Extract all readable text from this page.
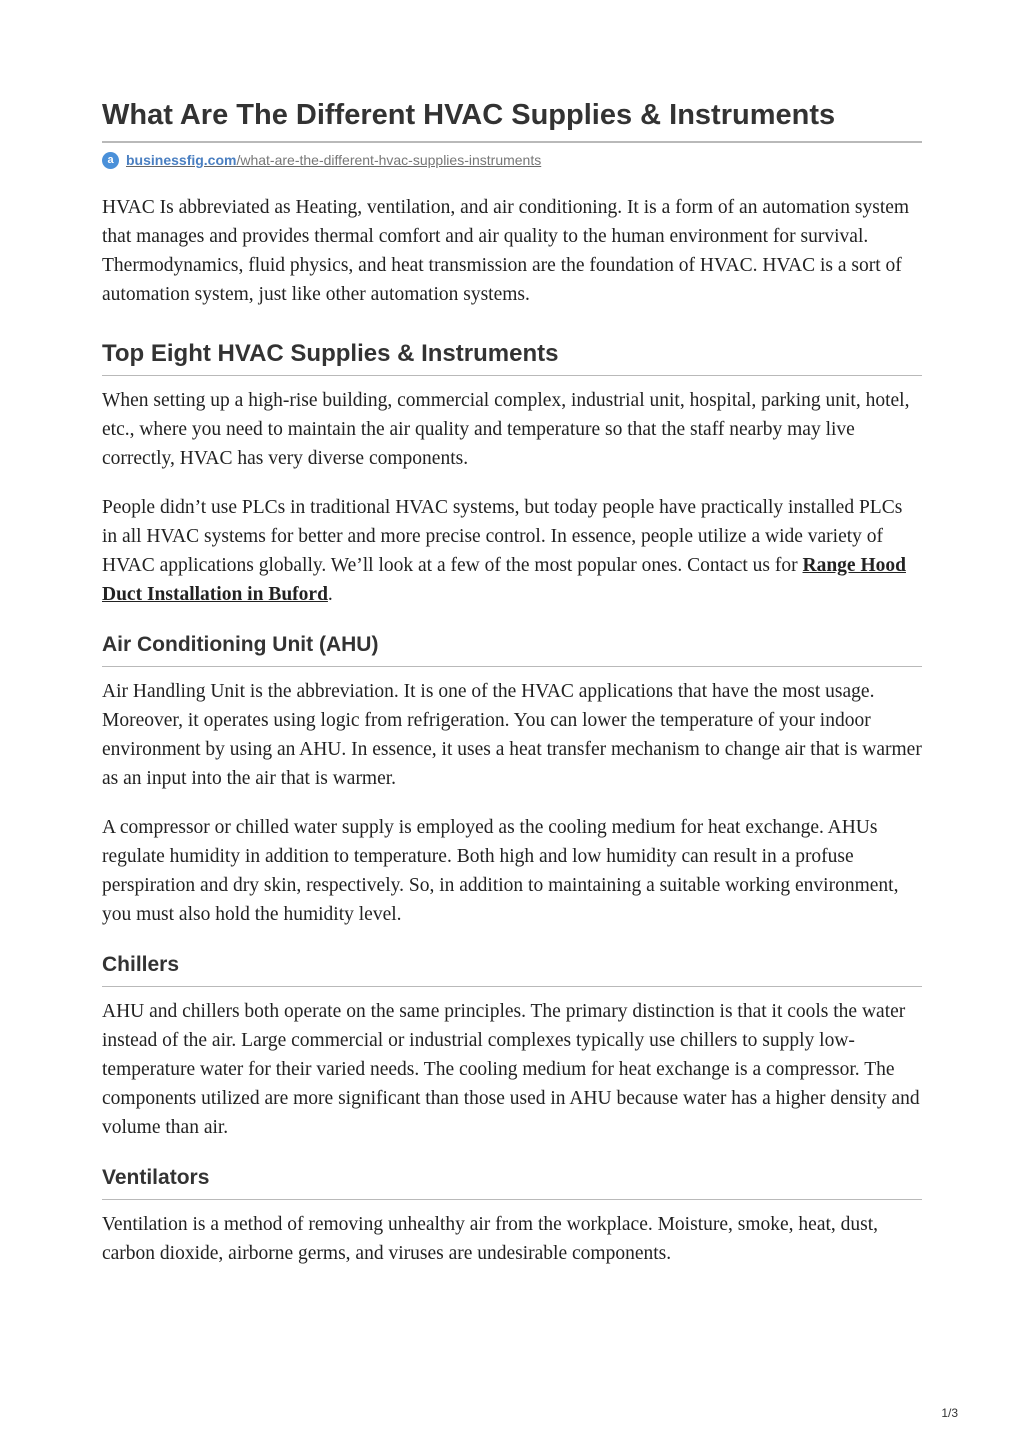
What Are The Different HVAC Supplies & Instruments
a businessfig.com/what-are-the-different-hvac-supplies-instruments

HVAC Is abbreviated as Heating, ventilation, and air conditioning. It is a form of an automation system that manages and provides thermal comfort and air quality to the human environment for survival. Thermodynamics, fluid physics, and heat transmission are the foundation of HVAC. HVAC is a sort of automation system, just like other automation systems.

Top Eight HVAC Supplies & Instruments

When setting up a high-rise building, commercial complex, industrial unit, hospital, parking unit, hotel, etc., where you need to maintain the air quality and temperature so that the staff nearby may live correctly, HVAC has very diverse components.

People didn’t use PLCs in traditional HVAC systems, but today people have practically installed PLCs in all HVAC systems for better and more precise control. In essence, people utilize a wide variety of HVAC applications globally. We’ll look at a few of the most popular ones. Contact us for Range Hood Duct Installation in Buford.

Air Conditioning Unit (AHU)

Air Handling Unit is the abbreviation. It is one of the HVAC applications that have the most usage. Moreover, it operates using logic from refrigeration. You can lower the temperature of your indoor environment by using an AHU. In essence, it uses a heat transfer mechanism to change air that is warmer as an input into the air that is warmer.

A compressor or chilled water supply is employed as the cooling medium for heat exchange. AHUs regulate humidity in addition to temperature. Both high and low humidity can result in a profuse perspiration and dry skin, respectively. So, in addition to maintaining a suitable working environment, you must also hold the humidity level.

Chillers

AHU and chillers both operate on the same principles. The primary distinction is that it cools the water instead of the air. Large commercial or industrial complexes typically use chillers to supply low-temperature water for their varied needs. The cooling medium for heat exchange is a compressor. The components utilized are more significant than those used in AHU because water has a higher density and volume than air.

Ventilators

Ventilation is a method of removing unhealthy air from the workplace. Moisture, smoke, heat, dust, carbon dioxide, airborne germs, and viruses are undesirable components.

1/3
